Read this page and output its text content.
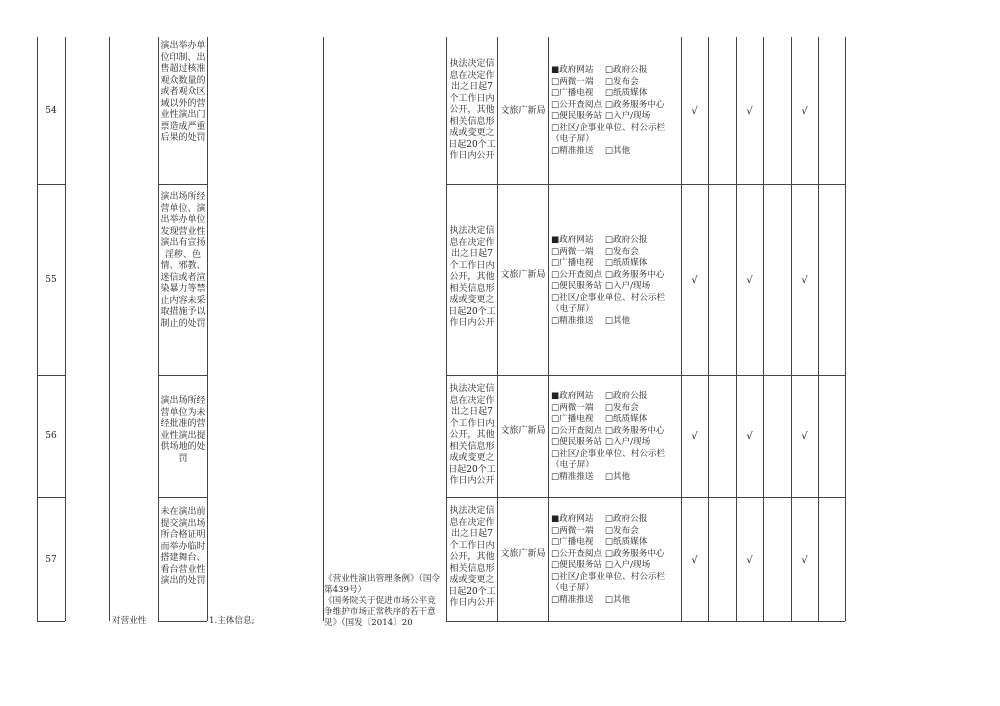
54
演出举办单位印制、出售超过核准观众数量的或者观众区域以外的营业性演出门票造成严重后果的处罚
执法决定信息在决定作出之日起7个工作日内公开，其他相关信息形成或变更之日起20个工作日内公开
文旅广新局
■政府网站　 □政府公报
□两微一端　 □发布会
□广播电视　 □纸质媒体
□公开查阅点 □政务服务中心
□便民服务站 □入户/现场
□社区/企事业单位、村公示栏
（电子屏）
□精准推送　 □其他
√	√	√
55
演出场所经营单位、演出举办单位发现营业性演出有宣扬淫秽、色情、邪教、迷信或者渲染暴力等禁止内容未采取措施予以制止的处罚
执法决定信息在决定作出之日起7个工作日内公开，其他相关信息形成或变更之日起20个工作日内公开
文旅广新局
■政府网站　 □政府公报
□两微一端　 □发布会
□广播电视　 □纸质媒体
□公开查阅点 □政务服务中心
□便民服务站 □入户/现场
□社区/企事业单位、村公示栏
（电子屏）
□精准推送　 □其他
√	√	√
56
演出场所经营单位为未经批准的营业性演出提供场地的处罚
执法决定信息在决定作出之日起7个工作日内公开，其他相关信息形成或变更之日起20个工作日内公开
文旅广新局
■政府网站　 □政府公报
□两微一端　 □发布会
□广播电视　 □纸质媒体
□公开查阅点 □政务服务中心
□便民服务站 □入户/现场
□社区/企事业单位、村公示栏
（电子屏）
□精准推送　 □其他
√	√	√
57
未在演出前提交演出场所合格证明而举办临时搭建舞台、看台营业性演出的处罚
执法决定信息在决定作出之日起7个工作日内公开，其他相关信息形成或变更之日起20个工作日内公开
文旅广新局
■政府网站　 □政府公报
□两微一端　 □发布会
□广播电视　 □纸质媒体
□公开查阅点 □政务服务中心
□便民服务站 □入户/现场
□社区/企事业单位、村公示栏
（电子屏）
□精准推送　 □其他
√	√	√
《营业性演出管理条例》（国令第439号）
《国务院关于促进市场公平竞争维护市场正常秩序的若干意见》（国发〔2014〕20
对营业性	1.主体信息;
